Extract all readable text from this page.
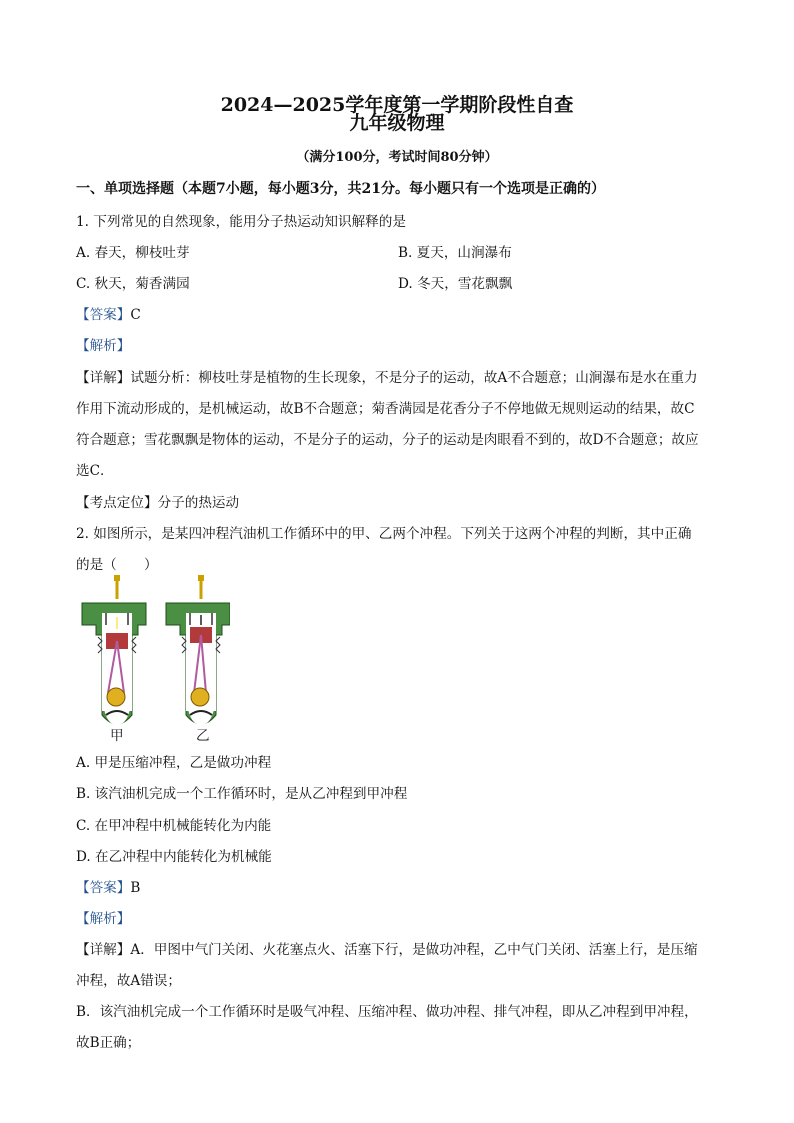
2024—2025学年度第一学期阶段性自查
九年级物理
（满分100分，考试时间80分钟）
一、单项选择题（本题7小题，每小题3分，共21分。每小题只有一个选项是正确的）
1. 下列常见的自然现象，能用分子热运动知识解释的是
A. 春天，柳枝吐芽	B. 夏天，山涧瀑布
C. 秋天，菊香满园	D. 冬天，雪花飘飘
【答案】C
【解析】
【详解】试题分析：柳枝吐芽是植物的生长现象，不是分子的运动，故A不合题意；山涧瀑布是水在重力
作用下流动形成的，是机械运动，故B不合题意；菊香满园是花香分子不停地做无规则运动的结果，故C
符合题意；雪花飘飘是物体的运动，不是分子的运动，分子的运动是肉眼看不到的，故D不合题意；故应
选C．
【考点定位】分子的热运动
2. 如图所示，是某四冲程汽油机工作循环中的甲、乙两个冲程。下列关于这两个冲程的判断，其中正确
的是（　　）
甲	乙
A. 甲是压缩冲程，乙是做功冲程
B. 该汽油机完成一个工作循环时，是从乙冲程到甲冲程
C. 在甲冲程中机械能转化为内能
D. 在乙冲程中内能转化为机械能
【答案】B
【解析】
【详解】A．甲图中气门关闭、火花塞点火、活塞下行，是做功冲程，乙中气门关闭、活塞上行，是压缩
冲程，故A错误；
B．该汽油机完成一个工作循环时是吸气冲程、压缩冲程、做功冲程、排气冲程，即从乙冲程到甲冲程，
故B正确；
